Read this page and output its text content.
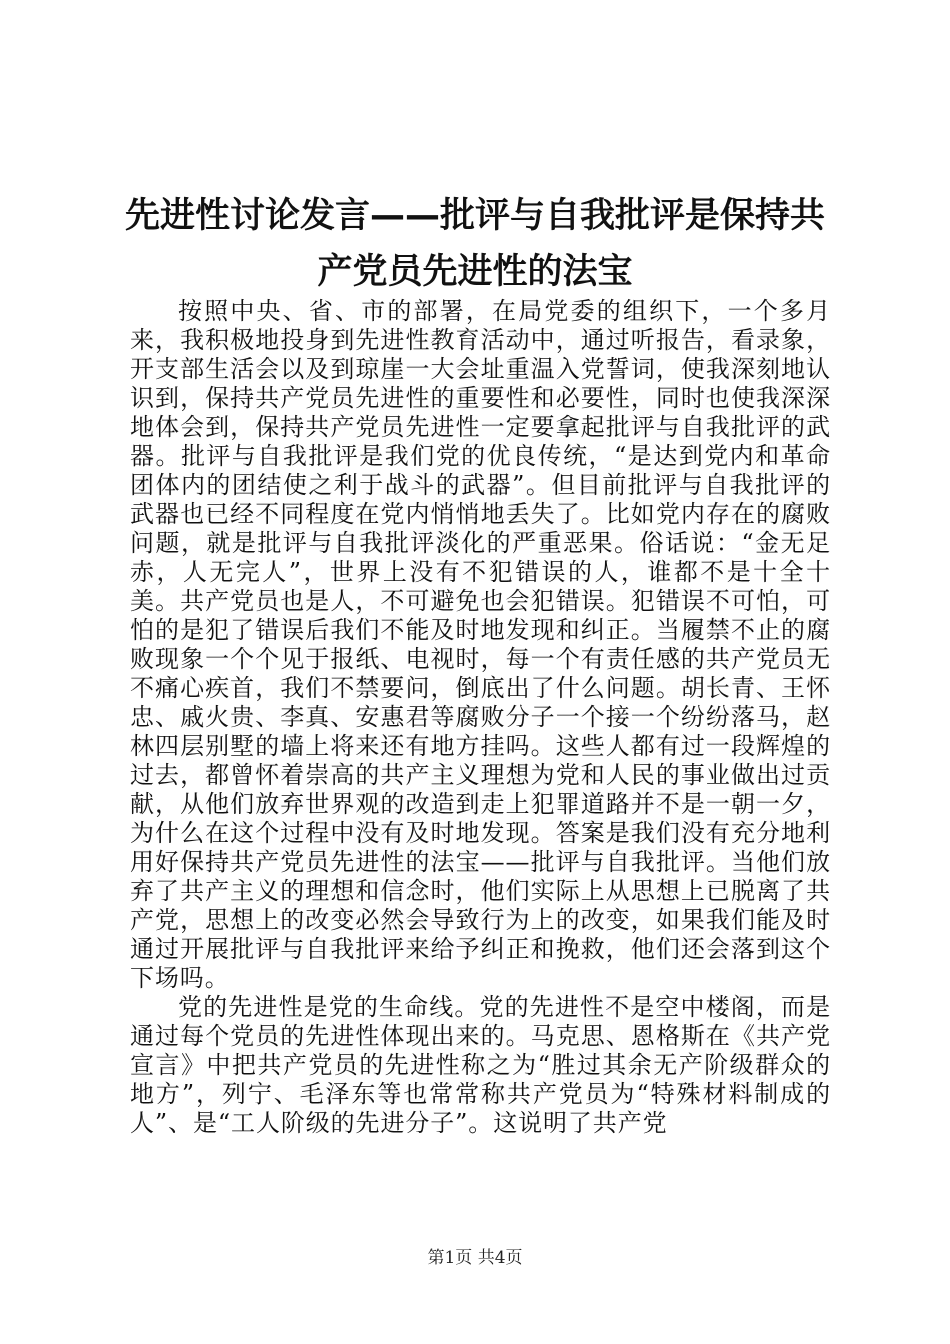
先进性讨论发言——批评与自我批评是保持共产党员先进性的法宝

按照中央、省、市的部署，在局党委的组织下，一个多月来，我积极地投身到先进性教育活动中，通过听报告，看录象，开支部生活会以及到琼崖一大会址重温入党誓词，使我深刻地认识到，保持共产党员先进性的重要性和必要性，同时也使我深深地体会到，保持共产党员先进性一定要拿起批评与自我批评的武器。批评与自我批评是我们党的优良传统，“是达到党内和革命团体内的团结使之利于战斗的武器”。但目前批评与自我批评的武器也已经不同程度在党内悄悄地丢失了。比如党内存在的腐败问题，就是批评与自我批评淡化的严重恶果。俗话说：“金无足赤，人无完人”，世界上没有不犯错误的人，谁都不是十全十美。共产党员也是人，不可避免也会犯错误。犯错误不可怕，可怕的是犯了错误后我们不能及时地发现和纠正。当履禁不止的腐败现象一个个见于报纸、电视时，每一个有责任感的共产党员无不痛心疾首，我们不禁要问，倒底出了什么问题。胡长青、王怀忠、戚火贵、李真、安惠君等腐败分子一个接一个纷纷落马，赵林四层别墅的墙上将来还有地方挂吗。这些人都有过一段辉煌的过去，都曾怀着崇高的共产主义理想为党和人民的事业做出过贡献，从他们放弃世界观的改造到走上犯罪道路并不是一朝一夕，为什么在这个过程中没有及时地发现。答案是我们没有充分地利用好保持共产党员先进性的法宝——批评与自我批评。当他们放弃了共产主义的理想和信念时，他们实际上从思想上已脱离了共产党，思想上的改变必然会导致行为上的改变，如果我们能及时通过开展批评与自我批评来给予纠正和挽救，他们还会落到这个下场吗。

党的先进性是党的生命线。党的先进性不是空中楼阁，而是通过每个党员的先进性体现出来的。马克思、恩格斯在《共产党宣言》中把共产党员的先进性称之为“胜过其余无产阶级群众的地方”，列宁、毛泽东等也常常称共产党员为“特殊材料制成的人”、是“工人阶级的先进分子”。这说明了共产党

第1页 共4页
